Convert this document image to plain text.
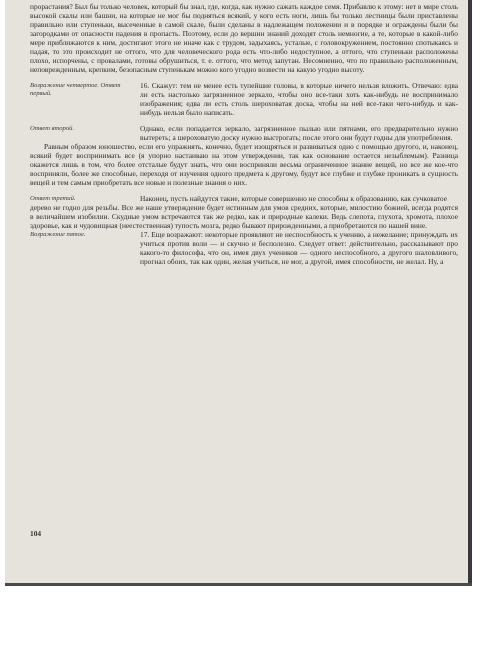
прорастания? Был бы только человек, который бы знал, где, когда, как нужно сажать каждое семя. Прибавлю к этому: нет в мире столь высокой скалы или башни, на которые не мог бы подняться всякий, у кого есть ноги, лишь бы только лестницы были приставлены правильно или ступеньки, высеченные в самой скале, были сделаны в надлежащем положении и в порядке и ограждены были бы загородками от опасности падения в пропасть. Поэтому, если до вершин знаний доходят столь немногие, а те, которые в какой-либо мере приближаются к ним, достигают этого не иначе как с трудом, задыхаясь, усталые, с головокружением, постоянно спотыкаясь и падая, то это происходит не оттого, что для человеческого рода есть что-либо недоступное, а оттого, что ступеньки расположены плохо, испорчены, с провалами, готовы обрушиться, т. е. оттого, что метод запутан. Несомненно, что по правильно расположенным, неповрежденным, крепким, безопасным ступенькам можно кого угодно возвести на какую угодно высоту.

Возражение четвертое. Ответ первый.

16. Скажут: тем не менее есть тупейшие головы, в которые ничего нельзя вложить. Отвечаю: едва ли есть настолько загрязненное зеркало, чтобы оно все-таки хоть как-нибудь не воспринимало изображения; едва ли есть столь шероховатая доска, чтобы на ней все-таки чего-нибудь и как-нибудь нельзя было написать.

Ответ второй.	Однако, если попадается зеркало, загрязненное пылью или пятнами, его предварительно нужно вытереть; а шероховатую доску нужно выстрогать; после этого они будут годны для употребления.

Равным образом юношество, если его упражнять, конечно, будет изощряться и развиваться одно с помощью другого, и, наконец, всякий будет воспринимать все (я упорно настаиваю на этом утверждении, так как основание остается незыблемым). Разница окажется лишь в том, что более отсталые будут знать, что они восприняли весьма ограниченное знание вещей, но все же кое-что восприняли, более же способные, переходя от изучения одного предмета к другому, будут все глубже и глубже проникать в сущность вещей и тем самым приобретать все новые и полезные знания о них.

Ответ третий.	Наконец, пусть найдутся такие, которые совершенно не способны к образованию, как сучковатое

дерево не годно для резьбы. Все же наше утверждение будет истинным для умов средних, которые, милостию божией, всегда родятся в величайшем изобилии. Скудные умом встречаются так же редко, как и природные калеки. Ведь слепота, глухота, хромота, плохое здоровье, как и чудовищная (неестественная) тупость мозга, редко бывают прирожденными, а приобретаются по нашей вине.

Возражение пятое.	17. Еще возражают: некоторые проявляют не неспособность к учению, а нежелание; принуждать их учиться против воли — и скучно и бесполезно. Следует ответ: действительно, рассказывают про какого-то философа, что он, имея двух учеников — одного неспособного, а другого шаловливого, прогнал обоих, так как один, желая учиться, не мог, а другой, имея способности, не желал. Ну, а

104
